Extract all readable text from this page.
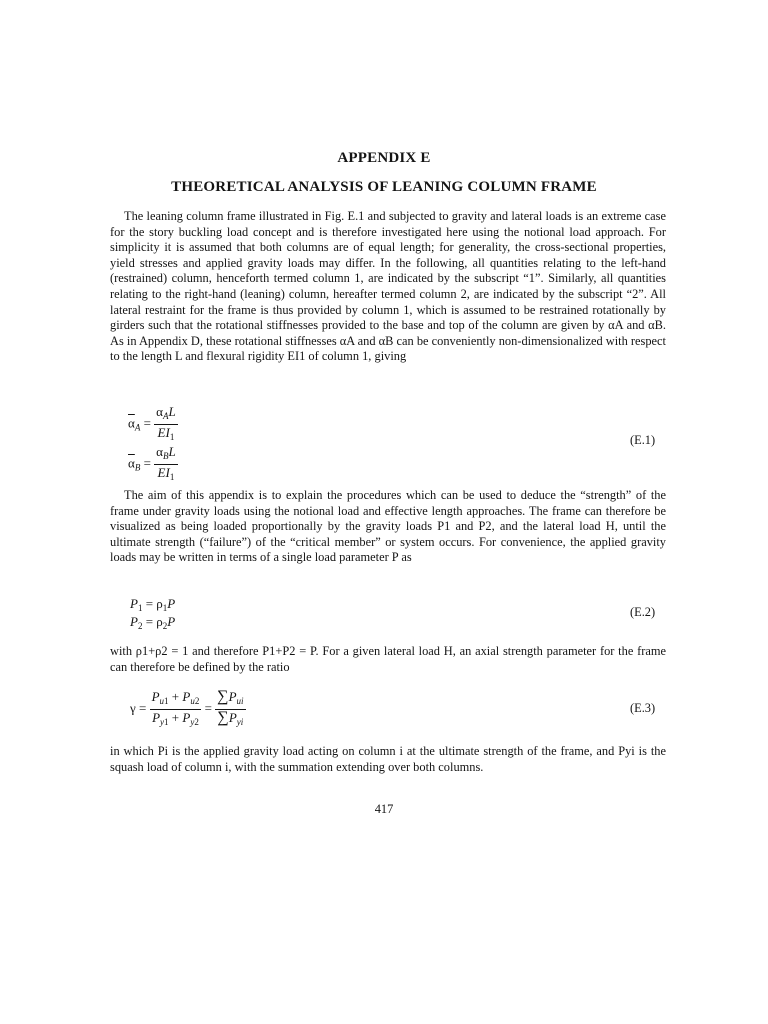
APPENDIX E
THEORETICAL ANALYSIS OF LEANING COLUMN FRAME

The leaning column frame illustrated in Fig. E.1 and subjected to gravity and lateral loads is an extreme case for the story buckling load concept and is therefore investigated here using the notional load approach. For simplicity it is assumed that both columns are of equal length; for generality, the cross-sectional properties, yield stresses and applied gravity loads may differ. In the following, all quantities relating to the left-hand (restrained) column, henceforth termed column 1, are indicated by the subscript “1”. Similarly, all quantities relating to the right-hand (leaning) column, hereafter termed column 2, are indicated by the subscript “2”. All lateral restraint for the frame is thus provided by column 1, which is assumed to be restrained rotationally by girders such that the rotational stiffnesses provided to the base and top of the column are given by αA and αB. As in Appendix D, these rotational stiffnesses αA and αB can be conveniently non-dimensionalized with respect to the length L and flexural rigidity EI1 of column 1, giving

$\overline{\alpha}_A = \frac{\alpha_AL}{EI_1}$
$\overline{\alpha}_B = \frac{\alpha_BL}{EI_1}$
(E.1)

The aim of this appendix is to explain the procedures which can be used to deduce the “strength” of the frame under gravity loads using the notional load and effective length approaches. The frame can therefore be visualized as being loaded proportionally by the gravity loads P1 and P2, and the lateral load H, until the ultimate strength (“failure”) of the “critical member” or system occurs. For convenience, the applied gravity loads may be written in terms of a single load parameter P as

$P_1 = \rho_1P$
$P_2 = \rho_2P$
(E.2)

with ρ1+ρ2 = 1 and therefore P1+P2 = P. For a given lateral load H, an axial strength parameter for the frame can therefore be defined by the ratio

$\gamma = \frac{P_{u1} + P_{u2}}{P_{y1} + P_{y2}} = \frac{\sum P_{ui}}{\sum P_{yi}}$	(E.3)

in which Pi is the applied gravity load acting on column i at the ultimate strength of the frame, and Pyi is the squash load of column i, with the summation extending over both columns.

417
